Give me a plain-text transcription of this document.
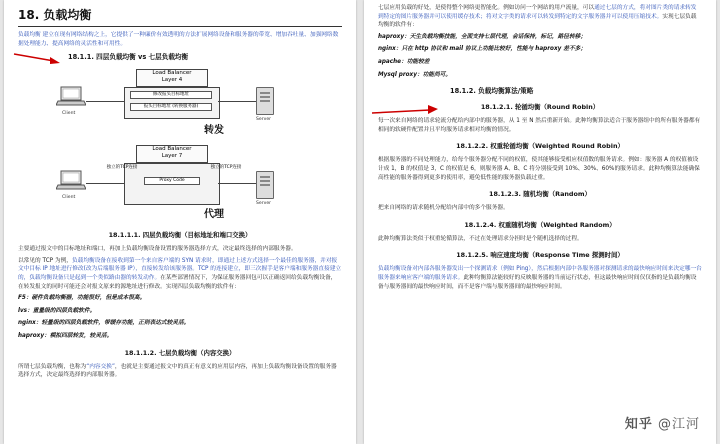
18. 负载均衡
负载均衡 建立在现有网络结构之上，它提供了一种廉价有效透明的方法扩展网络设备和服务器的带宽、增加吞吐量、加强网络数据处理能力、提高网络的灵活性和可用性。
18.1.1. 四层负载均衡 vs 七层负载均衡
Load Balancer
Layer 4
修改报头目标地址
报头目标地址 (转换服务器)
Client
Server
转发
Load Balancer
Layer 7
独立的TCP连接
Proxy Code
独立的TCP连接
Client
Server
代理
18.1.1.1. 四层负载均衡（目标地址和端口交换）
主要通过报文中的目标地址和端口，再加上负载均衡设备设置的服务器选择方式，决定最终选择的内部服务器。
以常见的 TCP 为例，负载均衡设备在接收到第一个来自客户端的 SYN 请求时，即通过上述方式选择一个最佳的服务器，并对报文中目标 IP 地址进行修改(改为后端服务器 IP），直接转发给该服务器。TCP 的连接建立，即三次握手是客户端和服务器直接建立的，负载均衡设备只是起到一个类似路由器的转发动作。在某些部署情况下，为保证服务器回包可以正确返回给负载均衡设备，在转发报文的同时可能还会对报文原来的源地址进行修改。实现四层负载均衡的软件有：
F5：硬件负载均衡器，功能很好，但是成本很高。
lvs：重量级的四层负载软件。
nginx：轻量级的四层负载软件，带缓存功能，正则表达式较灵活。
haproxy：模拟四层转发，较灵活。
18.1.1.2. 七层负载均衡（内容交换）
所谓七层负载均衡，也称为“内容交换”，也就是主要通过报文中的真正有意义的应用层内容，再加上负载均衡设备设置的服务器选择方式，决定最终选择的内部服务器。
七层应用负载的好处，是使得整个网络更智能化。例如访问一个网站的用户流量，可以通过七层的方式，将对图片类的请求转发到特定的图片服务器并可以使用缓存技术；将对文字类的请求可以转发到特定的文字服务器并可以使用压缩技术。实现七层负载均衡的软件有：
haproxy：天生负载均衡技能，全面支持七层代理，会话保持，标记，路径转移；
nginx：只在 http 协议和 mail 协议上功能比较好，性能与 haproxy 差不多；
apache：功能较差
Mysql proxy：功能尚可。
18.1.2. 负载均衡算法/策略
18.1.2.1. 轮循均衡（Round Robin）
每一次来自网络的请求轮流分配给内部中的服务器，从 1 至 N 然后重新开始。此种均衡算法适合于服务器组中的所有服务器都有相同的软硬件配置并且平均服务请求相对均衡的情况。
18.1.2.2. 权重轮循均衡（Weighted Round Robin）
根据服务器的不同处理能力，给每个服务器分配不同的权值，使其能够接受相应权值数的服务请求。例如：服务器 A 的权值被设计成 1，B 的权值是 3，C 的权值是 6，则服务器 A、B、C 将分别接受到 10%、30%、60%的服务请求。此种均衡算法能确保高性能的服务器得到更多的使用率，避免低性能的服务器负载过重。
18.1.2.3. 随机均衡（Random）
把来自网络的请求随机分配给内部中的多个服务器。
18.1.2.4. 权重随机均衡（Weighted Random）
此种均衡算法类似于权重轮循算法，不过在处理请求分担时是个随机选择的过程。
18.1.2.5. 响应速度均衡（Response Time 探测时间）
负载均衡设备对内部各服务器发出一个探测请求（例如 Ping），然后根据内部中各服务器对探测请求的最快响应时间来决定哪一台服务器来响应客户端的服务请求。此种均衡算法能较好的反映服务器的当前运行状态，但这最快响应时间仅仅指的是负载均衡设备与服务器间的最快响应时间，而不是客户端与服务器间的最快响应时间。
知乎 @江河
